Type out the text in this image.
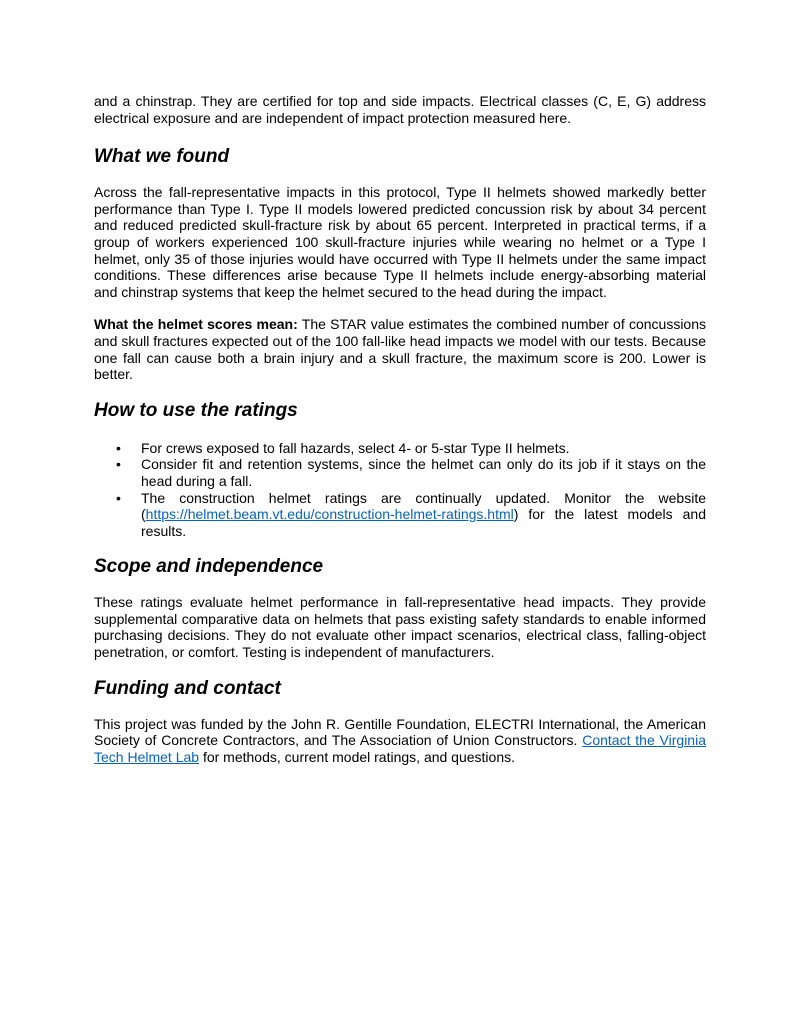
and a chinstrap. They are certified for top and side impacts. Electrical classes (C, E, G) address electrical exposure and are independent of impact protection measured here.

What we found

Across the fall-representative impacts in this protocol, Type II helmets showed markedly better performance than Type I. Type II models lowered predicted concussion risk by about 34 percent and reduced predicted skull-fracture risk by about 65 percent. Interpreted in practical terms, if a group of workers experienced 100 skull-fracture injuries while wearing no helmet or a Type I helmet, only 35 of those injuries would have occurred with Type II helmets under the same impact conditions. These differences arise because Type II helmets include energy-absorbing material and chinstrap systems that keep the helmet secured to the head during the impact.

What the helmet scores mean: The STAR value estimates the combined number of concussions and skull fractures expected out of the 100 fall-like head impacts we model with our tests. Because one fall can cause both a brain injury and a skull fracture, the maximum score is 200. Lower is better.

How to use the ratings
• For crews exposed to fall hazards, select 4- or 5-star Type II helmets.
• Consider fit and retention systems, since the helmet can only do its job if it stays on the head during a fall.
• The construction helmet ratings are continually updated. Monitor the website (https://helmet.beam.vt.edu/construction-helmet-ratings.html) for the latest models and results.
Scope and independence

These ratings evaluate helmet performance in fall-representative head impacts. They provide supplemental comparative data on helmets that pass existing safety standards to enable informed purchasing decisions. They do not evaluate other impact scenarios, electrical class, falling-object penetration, or comfort. Testing is independent of manufacturers.

Funding and contact

This project was funded by the John R. Gentille Foundation, ELECTRI International, the American Society of Concrete Contractors, and The Association of Union Constructors. Contact the Virginia Tech Helmet Lab for methods, current model ratings, and questions.
